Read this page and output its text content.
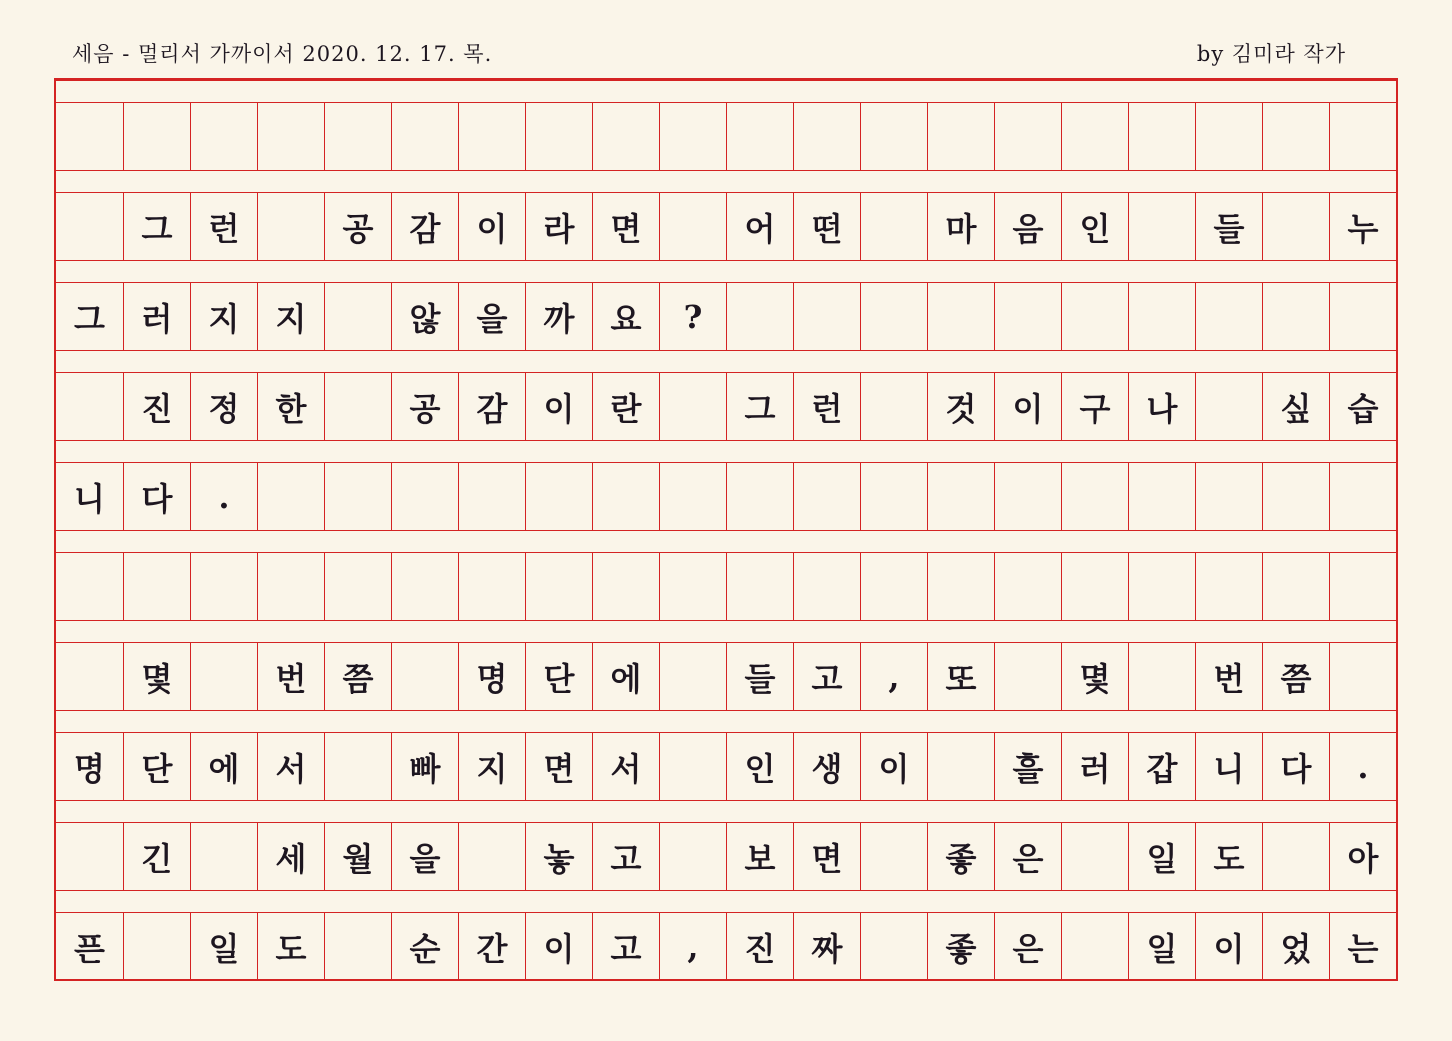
세음 - 멀리서 가까이서 2020. 12. 17. 목.	by 김미라 작가
그	런	공	감	이	라	면	어	떤	마	음	인	들	누
그	러	지	지	않	을	까	요	?
진	정	한	공	감	이	란	그	런	것	이	구	나	싶	습
니	다	.
몇	번	쯤	명	단	에	들	고	,	또	몇	번	쯤
명	단	에	서	빠	지	면	서	인	생	이	흘	러	갑	니	다	.
긴	세	월	을	놓	고	보	면	좋	은	일	도	아
픈	일	도	순	간	이	고	,	진	짜	좋	은	일	이	었	는
